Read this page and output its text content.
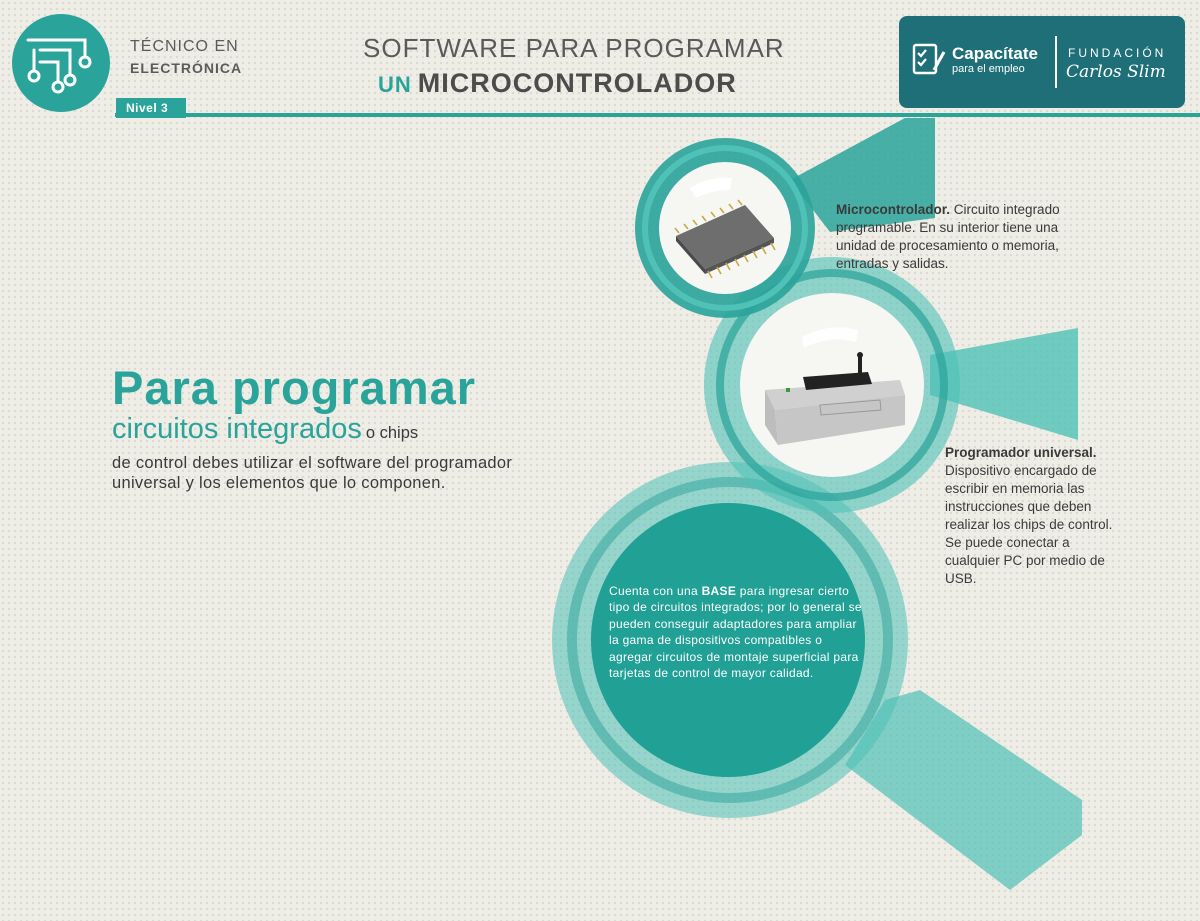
TÉCNICO EN
ELECTRÓNICA
Nivel 3
SOFTWARE PARA PROGRAMAR
UN MICROCONTROLADOR
Capacítate
para el empleo
FUNDACIÓN
Carlos Slim
Para programar
circuitos integrados o chips
de control debes utilizar el software del programador universal y los elementos que lo componen.
Microcontrolador. Circuito integrado programable. En su interior tiene una unidad de procesamiento o memoria, entradas y salidas.
Programador universal.
Dispositivo encargado de escribir en memoria las instrucciones que deben realizar los chips de control. Se puede conectar a cualquier PC por medio de USB.
Cuenta con una BASE para ingresar cierto tipo de circuitos integrados; por lo general se pueden conseguir adaptadores para ampliar la gama de dispositivos compatibles o agregar circuitos de montaje superficial para tarjetas de control de mayor calidad.
